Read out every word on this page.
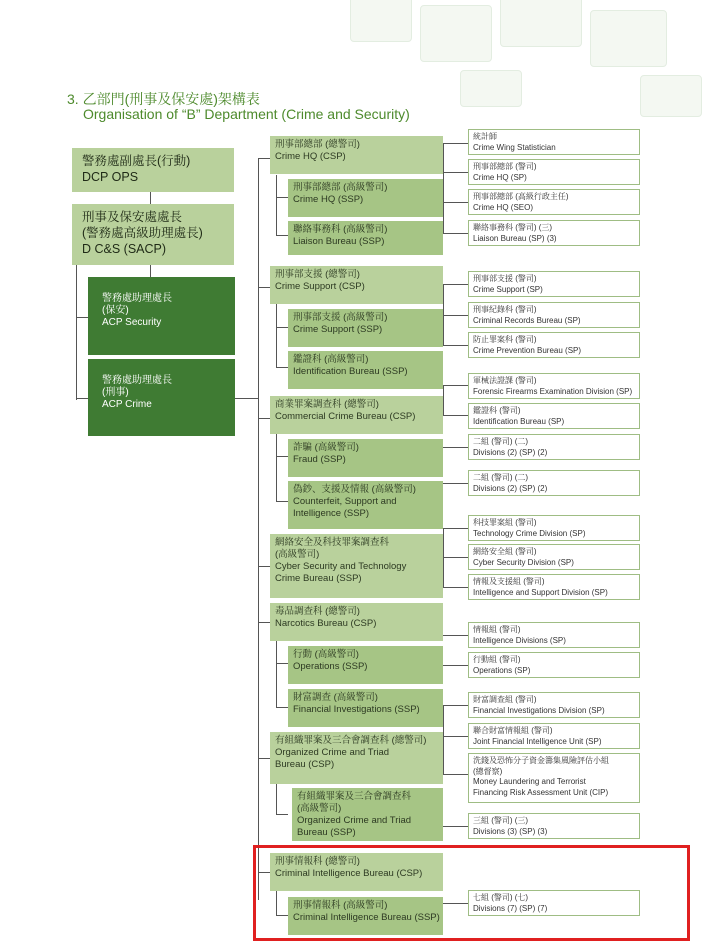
3. 乙部門(刑事及保安處)架構表
Organisation of “B” Department (Crime and Security)
警務處副處長(行動)
DCP OPS
刑事及保安處處長
(警務處高級助理處長)
D C&S (SACP)
警務處助理處長
(保安)
ACP Security
警務處助理處長
(刑事)
ACP Crime
刑事部總部 (總警司)
Crime HQ (CSP)
刑事部總部 (高級警司)
Crime HQ (SSP)
聯絡事務科 (高級警司)
Liaison Bureau (SSP)
刑事部支援 (總警司)
Crime Support (CSP)
刑事部支援 (高級警司)
Crime Support (SSP)
鑑證科 (高級警司)
Identification Bureau (SSP)
商業罪案調查科 (總警司)
Commercial Crime Bureau (CSP)
詐騙 (高級警司)
Fraud (SSP)
偽鈔、支援及情報 (高級警司)
Counterfeit, Support and
Intelligence (SSP)
網絡安全及科技罪案調查科
(高級警司)
Cyber Security and Technology
Crime Bureau (SSP)
毒品調查科 (總警司)
Narcotics Bureau (CSP)
行動 (高級警司)
Operations (SSP)
財富調查 (高級警司)
Financial Investigations (SSP)
有組織罪案及三合會調查科 (總警司)
Organized Crime and Triad
Bureau (CSP)
有組織罪案及三合會調查科
(高級警司)
Organized Crime and Triad
Bureau (SSP)
刑事情報科 (總警司)
Criminal Intelligence Bureau (CSP)
刑事情報科 (高級警司)
Criminal Intelligence Bureau (SSP)
統計師
Crime Wing Statistician
刑事部總部 (警司)
Crime HQ (SP)
刑事部總部 (高級行政主任)
Crime HQ (SEO)
聯絡事務科 (警司) (三)
Liaison Bureau (SP) (3)
刑事部支援 (警司)
Crime Support (SP)
刑事紀錄科 (警司)
Criminal Records Bureau (SP)
防止罪案科 (警司)
Crime Prevention Bureau (SP)
軍械法證課 (警司)
Forensic Firearms Examination Division (SP)
鑑證科 (警司)
Identification Bureau (SP)
二組 (警司) (二)
Divisions (2) (SP) (2)
二組 (警司) (二)
Divisions (2) (SP) (2)
科技罪案組 (警司)
Technology Crime Division (SP)
網絡安全組 (警司)
Cyber Security Division (SP)
情報及支援組 (警司)
Intelligence and Support Division (SP)
情報組 (警司)
Intelligence Divisions (SP)
行動組 (警司)
Operations (SP)
財富調查組 (警司)
Financial Investigations Division (SP)
聯合財富情報組 (警司)
Joint Financial Intelligence Unit (SP)
洗錢及恐怖分子資金籌集風險評估小組
(總督察)
Money Laundering and Terrorist
Financing Risk Assessment Unit (CIP)
三組 (警司) (三)
Divisions (3) (SP) (3)
七組 (警司) (七)
Divisions (7) (SP) (7)
